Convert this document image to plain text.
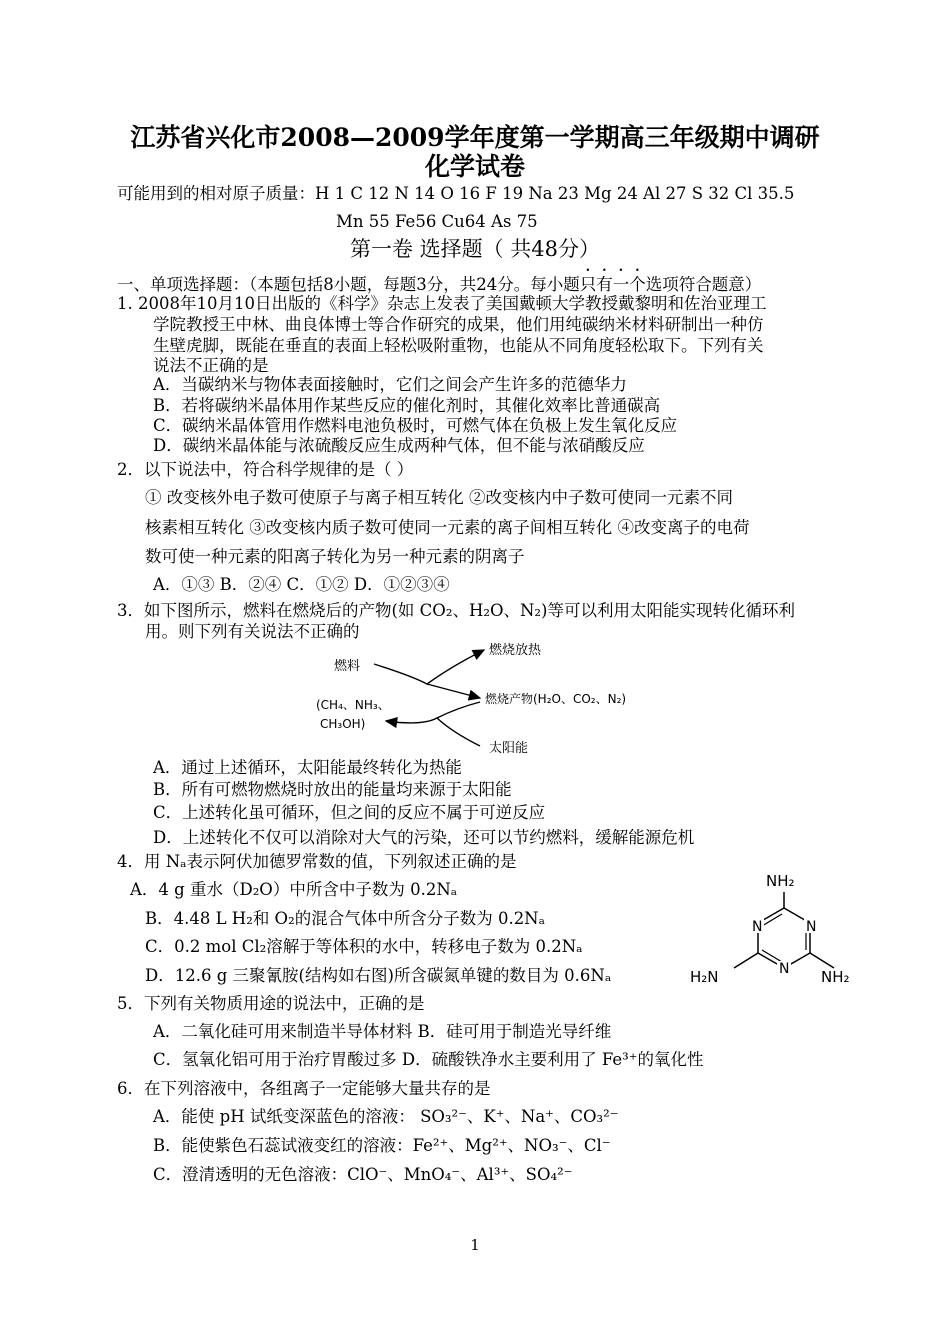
江苏省兴化市2008—2009学年度第一学期高三年级期中调研
化学试卷
可能用到的相对原子质量：H 1 C 12 N 14 O 16 F 19 Na 23 Mg 24 Al 27 S 32 Cl 35.5
Mn 55 Fe56 Cu64 As 75
第一卷 选择题（ 共48分）
一、单项选择题：（本题包括8小题，每题3分，共24分。每小题只有一个选项符合题意）
1. 2008年10月10日出版的《科学》杂志上发表了美国戴顿大学教授戴黎明和佐治亚理工
学院教授王中林、曲良体博士等合作研究的成果，他们用纯碳纳米材料研制出一种仿
生壁虎脚，既能在垂直的表面上轻松吸附重物，也能从不同角度轻松取下。下列有关
说法不正确的是
A．当碳纳米与物体表面接触时，它们之间会产生许多的范德华力
B．若将碳纳米晶体用作某些反应的催化剂时，其催化效率比普通碳高
C．碳纳米晶体管用作燃料电池负极时，可燃气体在负极上发生氧化反应
D．碳纳米晶体能与浓硫酸反应生成两种气体，但不能与浓硝酸反应
2．以下说法中，符合科学规律的是（ ）
① 改变核外电子数可使原子与离子相互转化 ②改变核内中子数可使同一元素不同
核素相互转化 ③改变核内质子数可使同一元素的离子间相互转化 ④改变离子的电荷
数可使一种元素的阳离子转化为另一种元素的阴离子
A．①③ B．②④ C．①② D．①②③④
3．如下图所示，燃料在燃烧后的产物(如 CO₂、H₂O、N₂)等可以利用太阳能实现转化循环利
用。则下列有关说法不正确的
燃料
(CH₄、NH₃、
CH₃OH)
燃烧放热
燃烧产物(H₂O、CO₂、N₂)
太阳能
A．通过上述循环，太阳能最终转化为热能
B．所有可燃物燃烧时放出的能量均来源于太阳能
C．上述转化虽可循环，但之间的反应不属于可逆反应
D．上述转化不仅可以消除对大气的污染，还可以节约燃料，缓解能源危机
4．用 Nₐ表示阿伏加德罗常数的值，下列叙述正确的是
A．4 g 重水（D₂O）中所含中子数为 0.2Nₐ
B．4.48 L H₂和 O₂的混合气体中所含分子数为 0.2Nₐ
C．0.2 mol Cl₂溶解于等体积的水中，转移电子数为 0.2Nₐ
D．12.6 g 三聚氰胺(结构如右图)所含碳氮单键的数目为 0.6Nₐ
NH₂
N	N
N
H₂N	NH₂
5．下列有关物质用途的说法中，正确的是
A．二氧化硅可用来制造半导体材料 B．硅可用于制造光导纤维
C．氢氧化铝可用于治疗胃酸过多 D．硫酸铁净水主要利用了 Fe³⁺的氧化性
6．在下列溶液中，各组离子一定能够大量共存的是
A．能使 pH 试纸变深蓝色的溶液： SO₃²⁻、K⁺、Na⁺、CO₃²⁻
B．能使紫色石蕊试液变红的溶液：Fe²⁺、Mg²⁺、NO₃⁻、Cl⁻
C．澄清透明的无色溶液：ClO⁻、MnO₄⁻、Al³⁺、SO₄²⁻
1
